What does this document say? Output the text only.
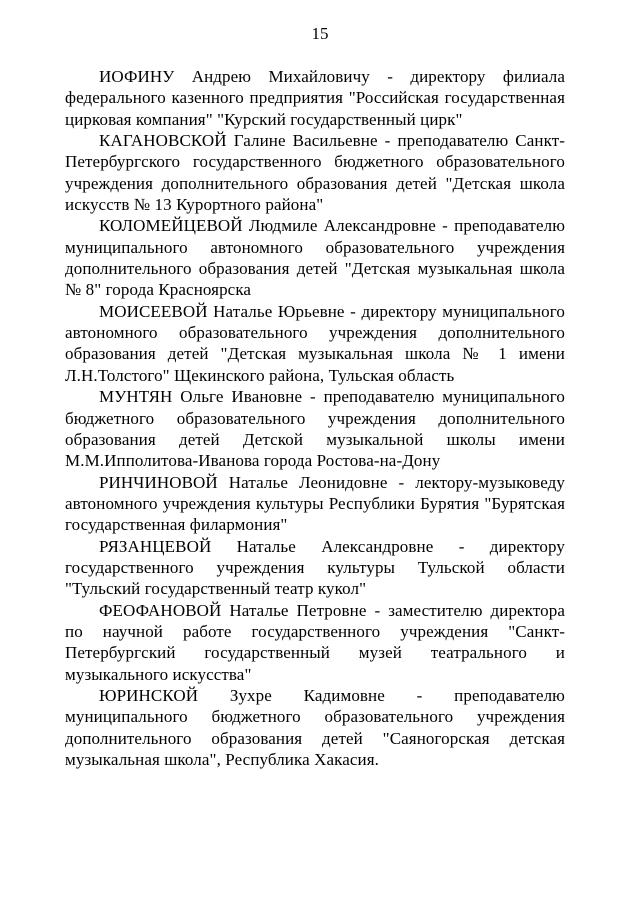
15

ИОФИНУ Андрею Михайловичу - директору филиала федерального казенного предприятия "Российская государственная цирковая компания" "Курский государственный цирк"

КАГАНОВСКОЙ Галине Васильевне - преподавателю Санкт-Петербургского государственного бюджетного образовательного учреждения дополнительного образования детей "Детская школа искусств № 13 Курортного района"

КОЛОМЕЙЦЕВОЙ Людмиле Александровне - преподавателю муниципального автономного образовательного учреждения дополнительного образования детей "Детская музыкальная школа № 8" города Красноярска

МОИСЕЕВОЙ Наталье Юрьевне - директору муниципального автономного образовательного учреждения дополнительного образования детей "Детская музыкальная школа № 1 имени Л.Н.Толстого" Щекинского района, Тульская область

МУНТЯН Ольге Ивановне - преподавателю муниципального бюджетного образовательного учреждения дополнительного образования детей Детской музыкальной школы имени М.М.Ипполитова-Иванова города Ростова-на-Дону

РИНЧИНОВОЙ Наталье Леонидовне - лектору-музыковеду автономного учреждения культуры Республики Бурятия "Бурятская государственная филармония"

РЯЗАНЦЕВОЙ Наталье Александровне - директору государственного учреждения культуры Тульской области "Тульский государственный театр кукол"

ФЕОФАНОВОЙ Наталье Петровне - заместителю директора по научной работе государственного учреждения "Санкт-Петербургский государственный музей театрального и музыкального искусства"

ЮРИНСКОЙ Зухре Кадимовне - преподавателю муниципального бюджетного образовательного учреждения дополнительного образования детей "Саяногорская детская музыкальная школа", Республика Хакасия.
